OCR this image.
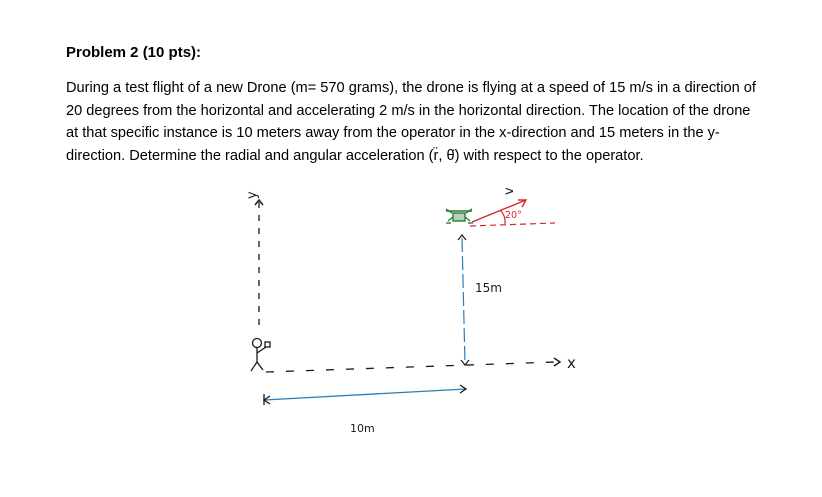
Problem 2 (10 pts):

During a test flight of a new Drone (m= 570 grams), the drone is flying at a speed of 15 m/s in a direction of 20 degrees from the horizontal and accelerating 2 m/s in the horizontal direction. The location of the drone at that specific instance is 10 meters away from the operator in the x-direction and 15 meters in the y-direction. Determine the radial and angular acceleration (r̈, θ̈) with respect to the operator.

y
x
15m
10m
20°
v
